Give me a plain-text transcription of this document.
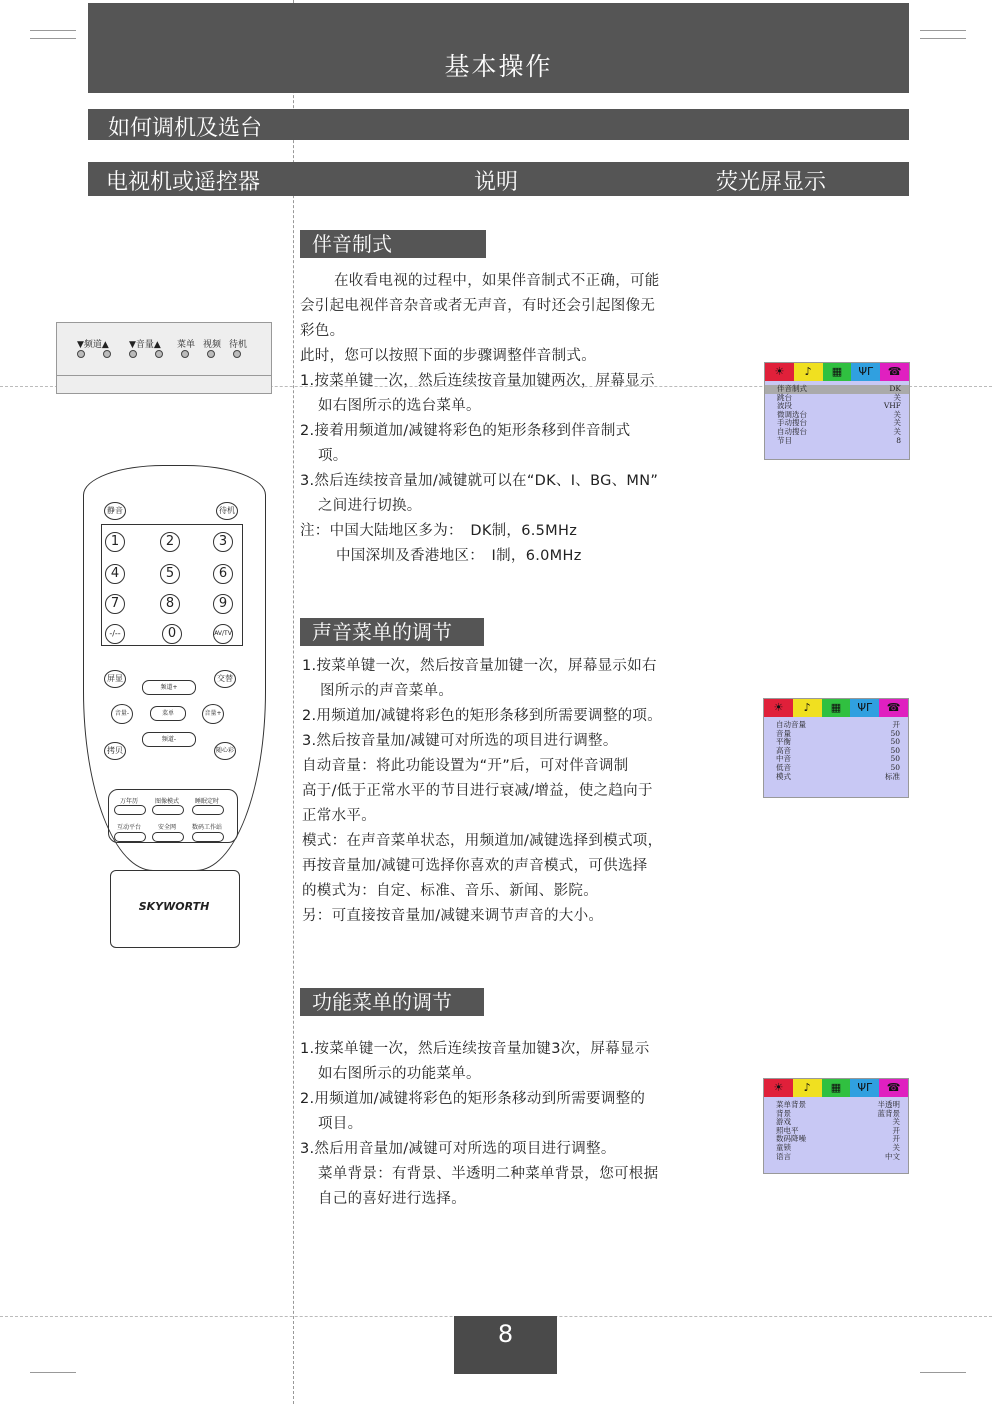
基本操作
如何调机及选台
电视机或遥控器	说明	荧光屏显示
▼频道▲ ▼音量▲ 菜单 视频 待机
静音	待机
1	2	3
4	5	6
7	8	9
-/--	0	AV/TV
屏显	交替
频道+
频道-
音量-	音量+
菜单
拷贝	随心彩
万年历	图像模式	睡眠定时
互动平台	安全网	数码工作站
SKYWORTH
伴音制式

在收看电视的过程中，如果伴音制式不正确，可能

会引起电视伴音杂音或者无声音，有时还会引起图像无

彩色。

此时，您可以按照下面的步骤调整伴音制式。

1.按菜单键一次，然后连续按音量加键两次，屏幕显示

如右图所示的选台菜单。

2.接着用频道加/减键将彩色的矩形条移到伴音制式

项。

3.然后连续按音量加/减键就可以在“DK、I、BG、MN”

之间进行切换。

注：中国大陆地区多为：　DK制，6.5MHz

中国深圳及香港地区：　I制，6.0MHz

☀	♪	▦	ΨΓ	☎
伴音制式	DK
跳台	关
波段	VHF
微调选台	关
手动搜台	关
自动搜台	关
节目	8
声音菜单的调节

1.按菜单键一次，然后按音量加键一次，屏幕显示如右

图所示的声音菜单。

2.用频道加/减键将彩色的矩形条移到所需要调整的项。

3.然后按音量加/减键可对所选的项目进行调整。

自动音量：将此功能设置为“开”后，可对伴音调制

高于/低于正常水平的节目进行衰减/增益，使之趋向于

正常水平。

模式：在声音菜单状态，用频道加/减键选择到模式项，

再按音量加/减键可选择你喜欢的声音模式，可供选择

的模式为：自定、标准、音乐、新闻、影院。

另：可直接按音量加/减键来调节声音的大小。

☀	♪	▦	ΨΓ	☎
自动音量	开
音量	50
平衡	50
高音	50
中音	50
低音	50
模式	标准
功能菜单的调节

1.按菜单键一次，然后连续按音量加键3次，屏幕显示

如右图所示的功能菜单。

2.用频道加/减键将彩色的矩形条移动到所需要调整的

项目。

3.然后用音量加/减键可对所选的项目进行调整。

菜单背景：有背景、半透明二种菜单背景，您可根据

自己的喜好进行选择。

☀	♪	▦	ΨΓ	☎
菜单背景	半透明
背景	蓝背景
游戏	关
照电平	开
数码降噪	开
童锁	关
语言	中文
8
